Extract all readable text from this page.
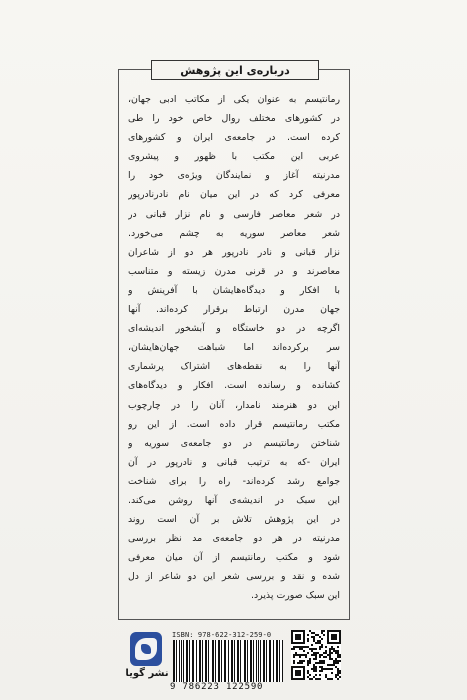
درباره‌ی این پژوهش
رمانتیسم به عنوان یکی از مکاتب ادبی جهان،
در کشورهای مختلف روال خاص خود را طی
کرده است. در جامعه‌ی ایران و کشورهای
عربی این مکتب با ظهور و پیشروی
مدرنیته آغاز و نمایندگان ویژه‌ی خود را
معرفی کرد که در این میان نام نادرنادرپور
در شعر معاصر فارسی و نام نزار قبانی در
شعر معاصر سوریه به چشم می‌خورد.
نزار قبانی و نادر نادرپور هر دو از شاعران
معاصرند و در قرنی مدرن زیسته و متناسب
با افکار و دیدگاه‌هایشان با آفرینش و
جهان مدرن ارتباط برقرار کرده‌اند. آنها
اگرچه در دو خاستگاه و آبشخور اندیشه‌ای
سر برکرده‌اند اما شباهت جهان‌هایشان،
آنها را به نقطه‌های اشتراک پرشماری
کشانده و رسانده است. افکار و دیدگاه‌های
این دو هنرمند نامدار، آنان را در چارچوب
مکتب رمانتیسم قرار داده است. از این رو
شناختن رمانتیسم در دو جامعه‌ی سوریه و
ایران -که به ترتیب قبانی و نادرپور در آن
جوامع رشد کرده‌اند- راه را برای شناخت
این سبک در اندیشه‌ی آنها روشن می‌کند.
در این پژوهش تلاش بر آن است روند
مدرنیته در هر دو جامعه‌ی مد نظر بررسی
شود و مکتب رمانتیسم از آن میان معرفی
شده و نقد و بررسی شعر این دو شاعر از دل
این سبک صورت پذیرد.
نشر گویا
ISBN: 978-622-312-259-0
9 786223 122590
